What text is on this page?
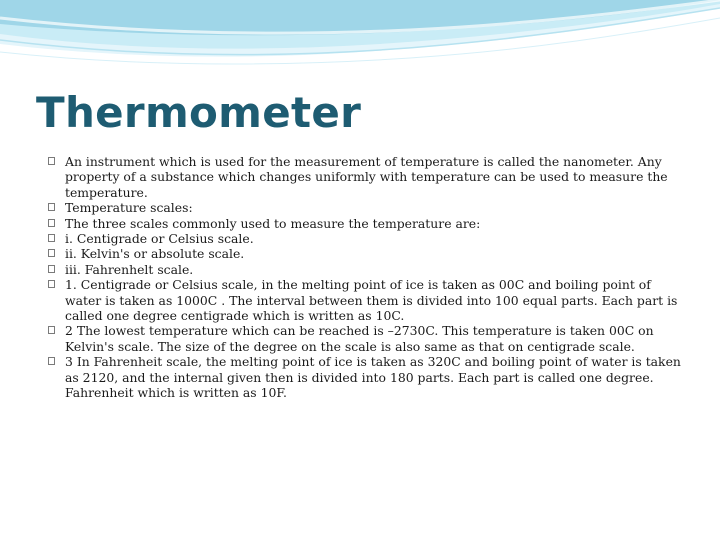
Thermometer
An instrument which is used for the measurement of temperature is called the nanometer. Any property of a substance which changes uniformly with temperature can be used to measure the temperature.
Temperature scales:
The three scales commonly used to measure the temperature are:
i. Centigrade or Celsius scale.
ii. Kelvin's or absolute scale.
iii. Fahrenhelt scale.
1. Centigrade or Celsius scale, in the melting point of ice is taken as 00C and boiling point of water is taken as 1000C . The interval between them is divided into 100 equal parts. Each part is called one degree centigrade which is written as 10C.
2 The lowest temperature which can be reached is –2730C. This temperature is taken 00C on Kelvin's scale. The size of the degree on the scale is also same as that on centigrade scale.
3 In Fahrenheit scale, the melting point of ice is taken as 320C and boiling point of water is taken as 2120, and the internal given then is divided into 180 parts. Each part is called one degree. Fahrenheit which is written as 10F.
